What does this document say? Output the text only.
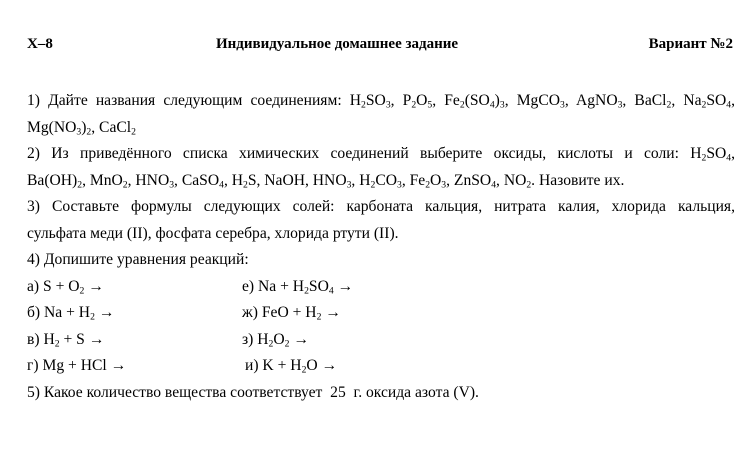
Х–8	Индивидуальное домашнее задание	Вариант №2
1) Дайте названия следующим соединениям: $H_2SO_3$, $P_2O_5$, $Fe_2(SO_4)_3$, MgCO$_3$, AgNO$_3$, BaCl$_2$, $Na_2SO_4$,
$Mg(NO_3)_2$, CaCl$_2$
2) Из приведённого списка химических соединений выберите оксиды, кислоты и соли: $H_2SO_4$,
$Ba(OH)_2$, MnO$_2$, $HNO_3$, CaSO$_4$, $H_2S$, NaOH, $HNO_3$, $H_2CO_3$, $Fe_2O_3$, ZnSO$_4$, $NO_2$. Назовите их.
3) Составьте формулы следующих солей: карбоната кальция, нитрата калия, хлорида кальция,
сульфата меди (II), фосфата серебра, хлорида ртути (II).
4) Допишите уравнения реакций:
а) $S + O_2$ →	е) $Na + H_2SO_4$ →
б) $Na + H_2$ →	ж) FeO + $H_2$ →
в) $H_2 + S$ →	з) $H_2O_2$ →
г) Mg + HCl →	и) $K + H_2O$ →
5) Какое количество вещества соответствует  25  г. оксида азота (V).
